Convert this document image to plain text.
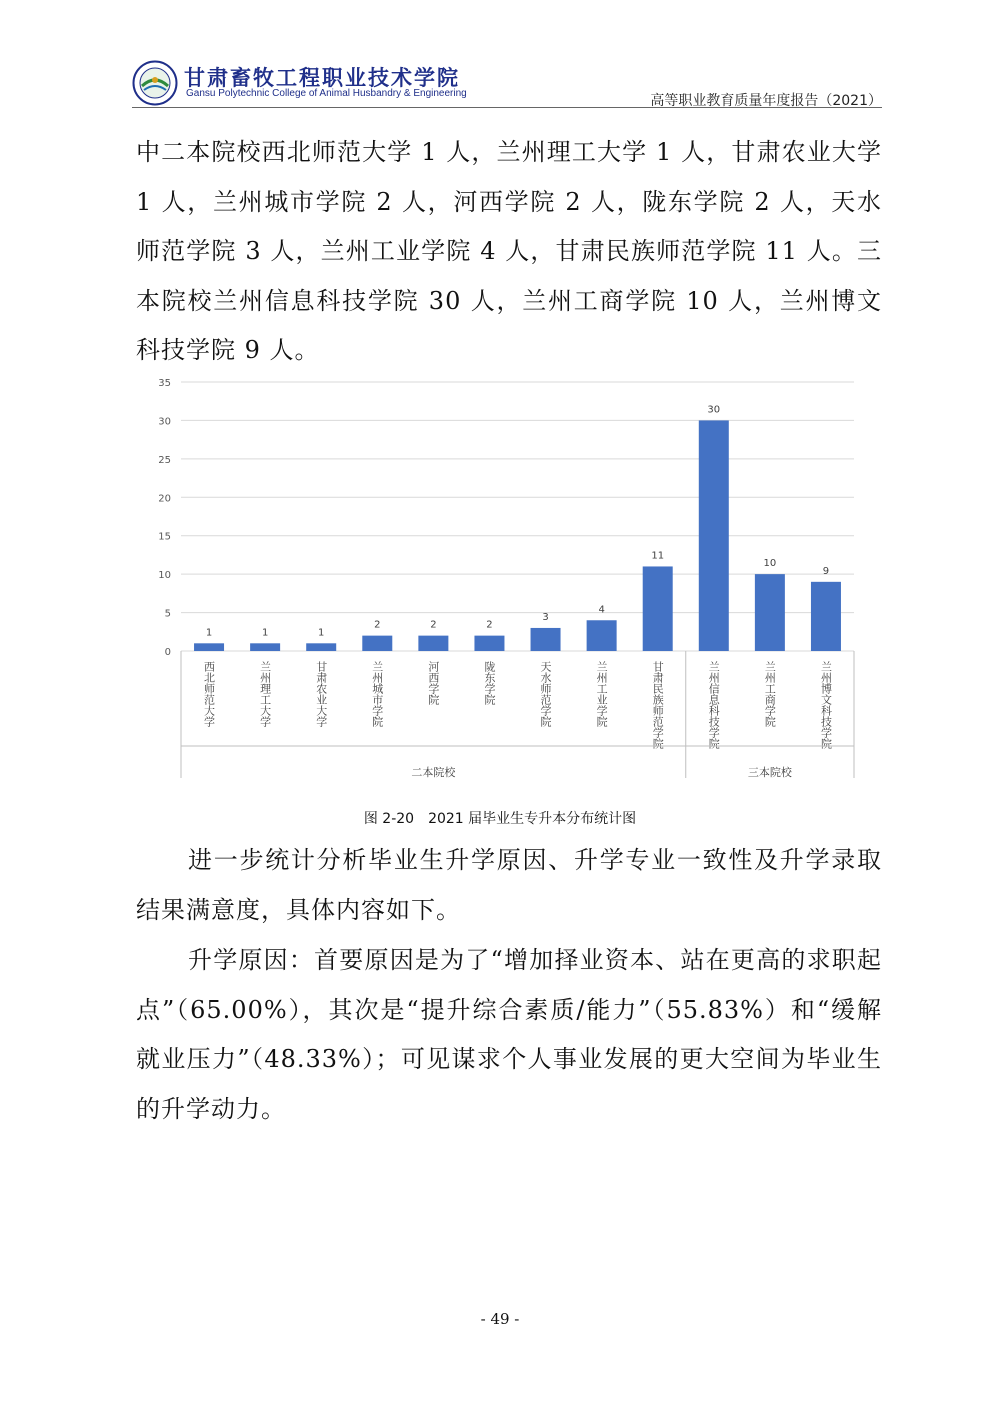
甘肃畜牧工程职业技术学院
Gansu Polytechnic College of Animal Husbandry & Engineering	高等职业教育质量年度报告（2021）

中二本院校西北师范大学 1 人，兰州理工大学 1 人，甘肃农业大学 1 人，兰州城市学院 2 人，河西学院 2 人，陇东学院 2 人，天水师范学院 3 人，兰州工业学院 4 人，甘肃民族师范学院 11 人。三本院校兰州信息科技学院 30 人，兰州工商学院 10 人，兰州博文科技学院 9 人。

0
5
10
15
20
25
30
35
1
西北师范大学
1
兰州理工大学
1
甘肃农业大学
2
兰州城市学院
2
河西学院
2
陇东学院
3
天水师范学院
4
兰州工业学院
11
甘肃民族师范学院
30
兰州信息科技学院
10
兰州工商学院
9
兰州博文科技学院
二本院校	三本院校
图 2-20　2021 届毕业生专升本分布统计图

进一步统计分析毕业生升学原因、升学专业一致性及升学录取结果满意度，具体内容如下。

升学原因：首要原因是为了“增加择业资本、站在更高的求职起点”（65.00%），其次是“提升综合素质/能力”（55.83%）和“缓解就业压力”（48.33%）；可见谋求个人事业发展的更大空间为毕业生的升学动力。

- 49 -
